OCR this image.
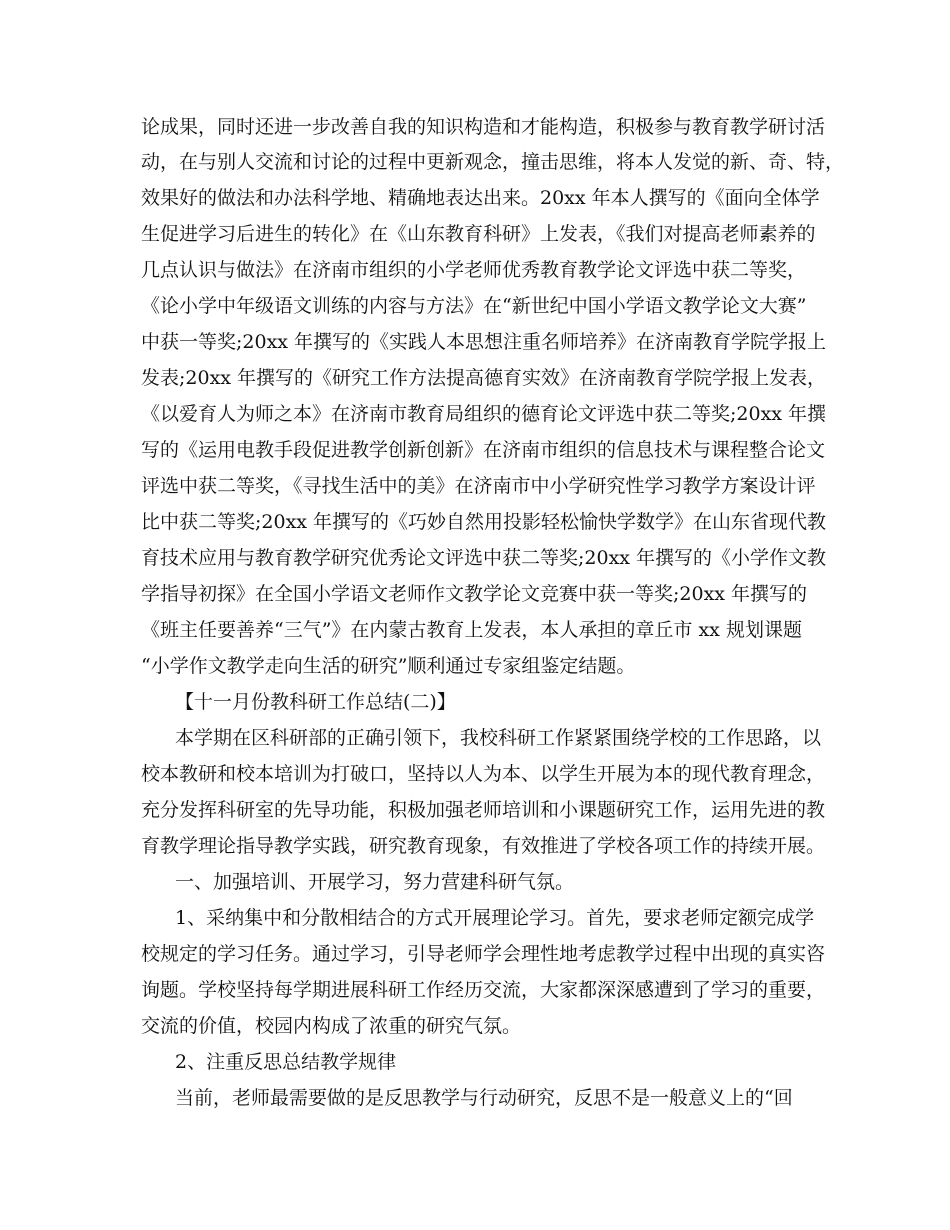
论成果，同时还进一步改善自我的知识构造和才能构造，积极参与教育教学研讨活
动，在与别人交流和讨论的过程中更新观念，撞击思维，将本人发觉的新、奇、特，
效果好的做法和办法科学地、精确地表达出来。20xx 年本人撰写的《面向全体学
生促进学习后进生的转化》在《山东教育科研》上发表，《我们对提高老师素养的
几点认识与做法》在济南市组织的小学老师优秀教育教学论文评选中获二等奖，
《论小学中年级语文训练的内容与方法》在“新世纪中国小学语文教学论文大赛”
中获一等奖;20xx 年撰写的《实践人本思想注重名师培养》在济南教育学院学报上
发表;20xx 年撰写的《研究工作方法提高德育实效》在济南教育学院学报上发表，
《以爱育人为师之本》在济南市教育局组织的德育论文评选中获二等奖;20xx 年撰
写的《运用电教手段促进教学创新创新》在济南市组织的信息技术与课程整合论文
评选中获二等奖，《寻找生活中的美》在济南市中小学研究性学习教学方案设计评
比中获二等奖;20xx 年撰写的《巧妙自然用投影轻松愉快学数学》在山东省现代教
育技术应用与教育教学研究优秀论文评选中获二等奖;20xx 年撰写的《小学作文教
学指导初探》在全国小学语文老师作文教学论文竞赛中获一等奖;20xx 年撰写的
《班主任要善养“三气”》在内蒙古教育上发表，本人承担的章丘市 xx 规划课题
“小学作文教学走向生活的研究”顺利通过专家组鉴定结题。
【十一月份教科研工作总结(二)】
本学期在区科研部的正确引领下，我校科研工作紧紧围绕学校的工作思路，以
校本教研和校本培训为打破口，坚持以人为本、以学生开展为本的现代教育理念，
充分发挥科研室的先导功能，积极加强老师培训和小课题研究工作，运用先进的教
育教学理论指导教学实践，研究教育现象，有效推进了学校各项工作的持续开展。
一、加强培训、开展学习，努力营建科研气氛。
1、采纳集中和分散相结合的方式开展理论学习。首先，要求老师定额完成学
校规定的学习任务。通过学习，引导老师学会理性地考虑教学过程中出现的真实咨
询题。学校坚持每学期进展科研工作经历交流，大家都深深感遭到了学习的重要，
交流的价值，校园内构成了浓重的研究气氛。
2、注重反思总结教学规律
当前，老师最需要做的是反思教学与行动研究，反思不是一般意义上的“回
